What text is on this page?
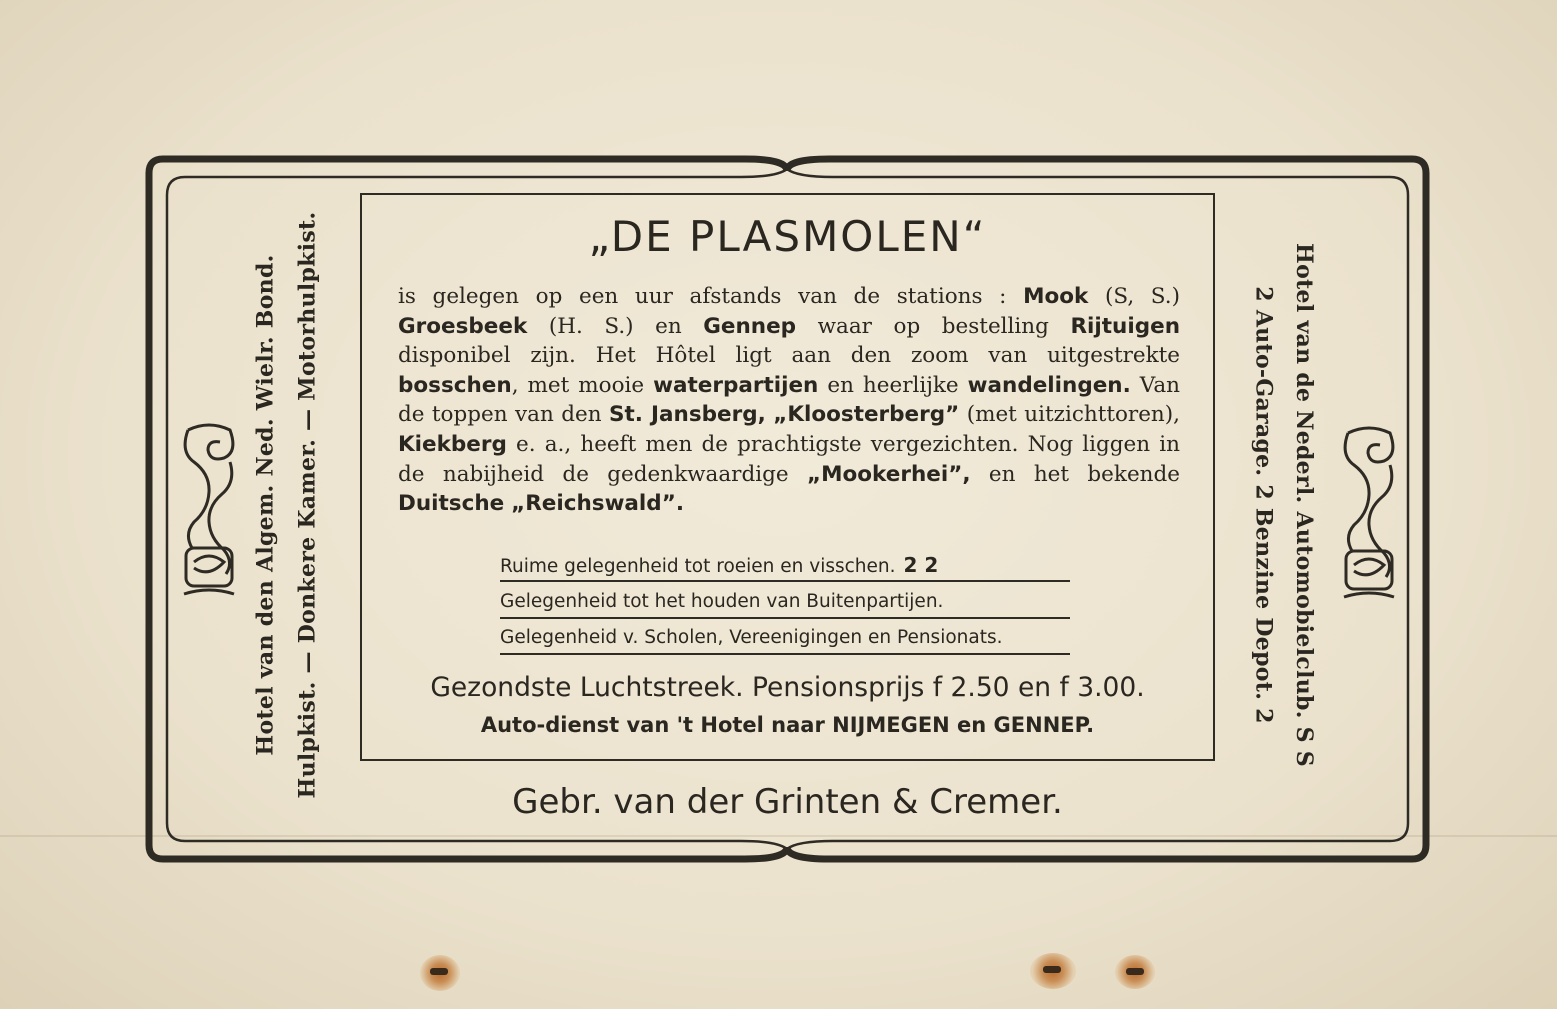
Hotel van den Algem. Ned. Wielr. Bond. Hulpkist. — Donkere Kamer. — Motorhulpkist.	Hotel van de Nederl. Automobielclub. S S
2 Auto-Garage. 2 Benzine Depot. 2
„DE PLASMOLEN“
is gelegen op een uur afstands van de stations : Mook (S, S.) Groesbeek (H. S.) en Gennep waar op bestelling Rijtuigen disponibel zijn. Het Hôtel ligt aan den zoom van uitgestrekte bosschen, met mooie waterpartijen en heerlijke wandelingen. Van de toppen van den St. Jansberg, „Kloosterberg” (met uitzichttoren), Kiekberg e. a., heeft men de prachtigste vergezichten. Nog liggen in de nabijheid de gedenkwaardige „Mookerhei”, en het bekende Duitsche „Reichswald”.
Ruime gelegenheid tot roeien en visschen. 2 2
Gelegenheid tot het houden van Buitenpartijen.
Gelegenheid v. Scholen, Vereenigingen en Pensionats.
Gezondste Luchtstreek. Pensionsprijs f 2.50 en f 3.00.
Auto-dienst van 't Hotel naar NIJMEGEN en GENNEP.
Gebr. van der Grinten & Cremer.
